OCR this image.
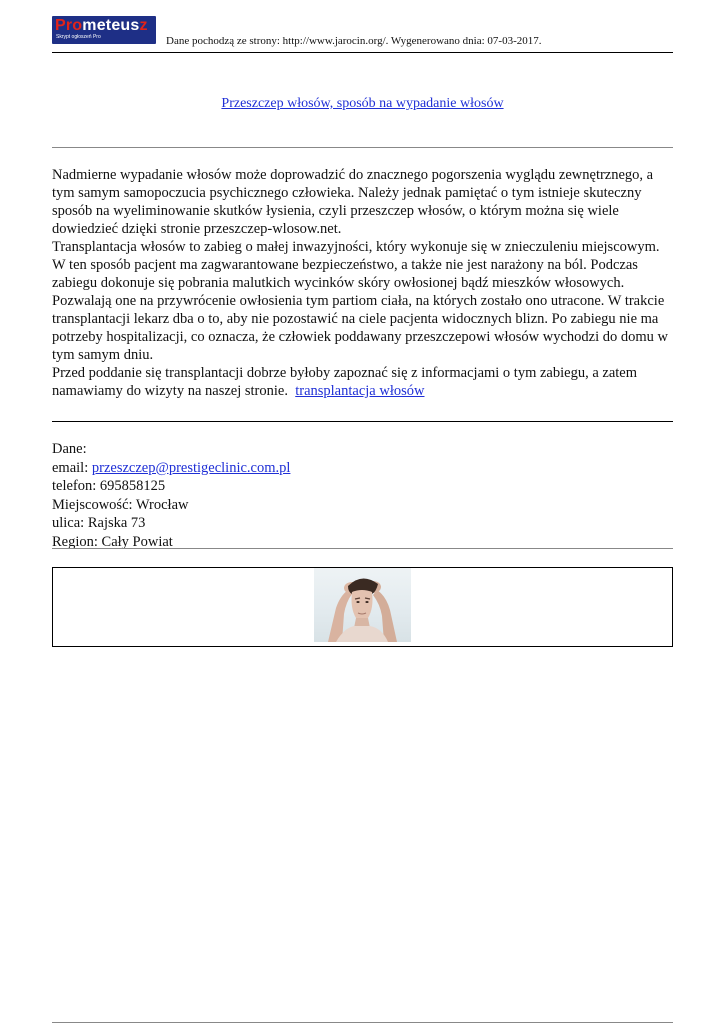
Prometeusz
Skrypt ogłoszeń Pro	Dane pochodzą ze strony: http://www.jarocin.org/. Wygenerowano dnia: 07-03-2017.
Przeszczep włosów, sposób na wypadanie włosów

Nadmierne wypadanie włosów może doprowadzić do znacznego pogorszenia wyglądu zewnętrznego, a tym samym samopoczucia psychicznego człowieka. Należy jednak pamiętać o tym istnieje skuteczny sposób na wyeliminowanie skutków łysienia, czyli przeszczep włosów, o którym można się wiele dowiedzieć dzięki stronie przeszczep-wlosow.net.

Transplantacja włosów to zabieg o małej inwazyjności, który wykonuje się w znieczuleniu miejscowym. W ten sposób pacjent ma zagwarantowane bezpieczeństwo, a także nie jest narażony na ból. Podczas zabiegu dokonuje się pobrania malutkich wycinków skóry owłosionej bądź mieszków włosowych. Pozwalają one na przywrócenie owłosienia tym partiom ciała, na których zostało ono utracone. W trakcie transplantacji lekarz dba o to, aby nie pozostawić na ciele pacjenta widocznych blizn. Po zabiegu nie ma potrzeby hospitalizacji, co oznacza, że człowiek poddawany przeszczepowi włosów wychodzi do domu w tym samym dniu.

Przed poddanie się transplantacji dobrze byłoby zapoznać się z informacjami o tym zabiegu, a zatem namawiamy do wizyty na naszej stronie. transplantacja włosów

Dane:
email: przeszczep@prestigeclinic.com.pl
telefon: 695858125
Miejscowość: Wrocław
ulica: Rajska 73
Region: Cały Powiat
